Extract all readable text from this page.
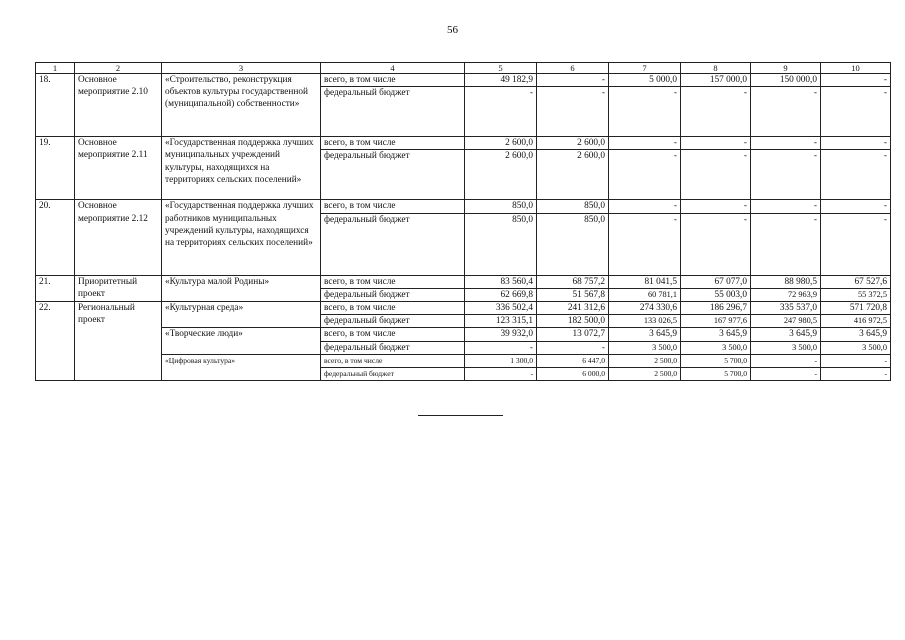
56
1	2	3	4	5	6	7	8	9	10
18.	Основное мероприятие 2.10	«Строительство, реконструкция объектов культуры государственной (муниципальной) собственности»	всего, в том числе	49 182,9	-	5 000,0	157 000,0	150 000,0	-
			федеральный бюджет	-	-	-	-	-	-
19.	Основное мероприятие 2.11	«Государственная поддержка лучших муниципальных учреждений культуры, находящихся на территориях сельских поселений»	всего, в том числе	2 600,0	2 600,0	-	-	-	-
			федеральный бюджет	2 600,0	2 600,0	-	-	-	-
20.	Основное мероприятие 2.12	«Государственная поддержка лучших работников муниципальных учреждений культуры, находящихся на территориях сельских поселений»	всего, в том числе	850,0	850,0	-	-	-	-
			федеральный бюджет	850,0	850,0	-	-	-	-
21.	Приоритетный проект	«Культура малой Родины»	всего, в том числе	83 560,4	68 757,2	81 041,5	67 077,0	88 980,5	67 527,6
			федеральный бюджет	62 669,8	51 567,8	60 781,1	55 003,0	72 963,9	55 372,5
22.	Региональный проект	«Культурная среда»	всего, в том числе	336 502,4	241 312,6	274 330,6	186 296,7	335 537,0	571 720,8
			федеральный бюджет	123 315,1	182 500,0	133 026,5	167 977,6	247 980,5	416 972,5
		«Творческие люди»	всего, в том числе	39 932,0	13 072,7	3 645,9	3 645,9	3 645,9	3 645,9
			федеральный бюджет	-	-	3 500,0	3 500,0	3 500,0	3 500,0
		«Цифровая культура»	всего, в том числе	1 300,0	6 447,0	2 500,0	5 700,0	-	-
			федеральный бюджет	-	6 000,0	2 500,0	5 700,0	-	-
